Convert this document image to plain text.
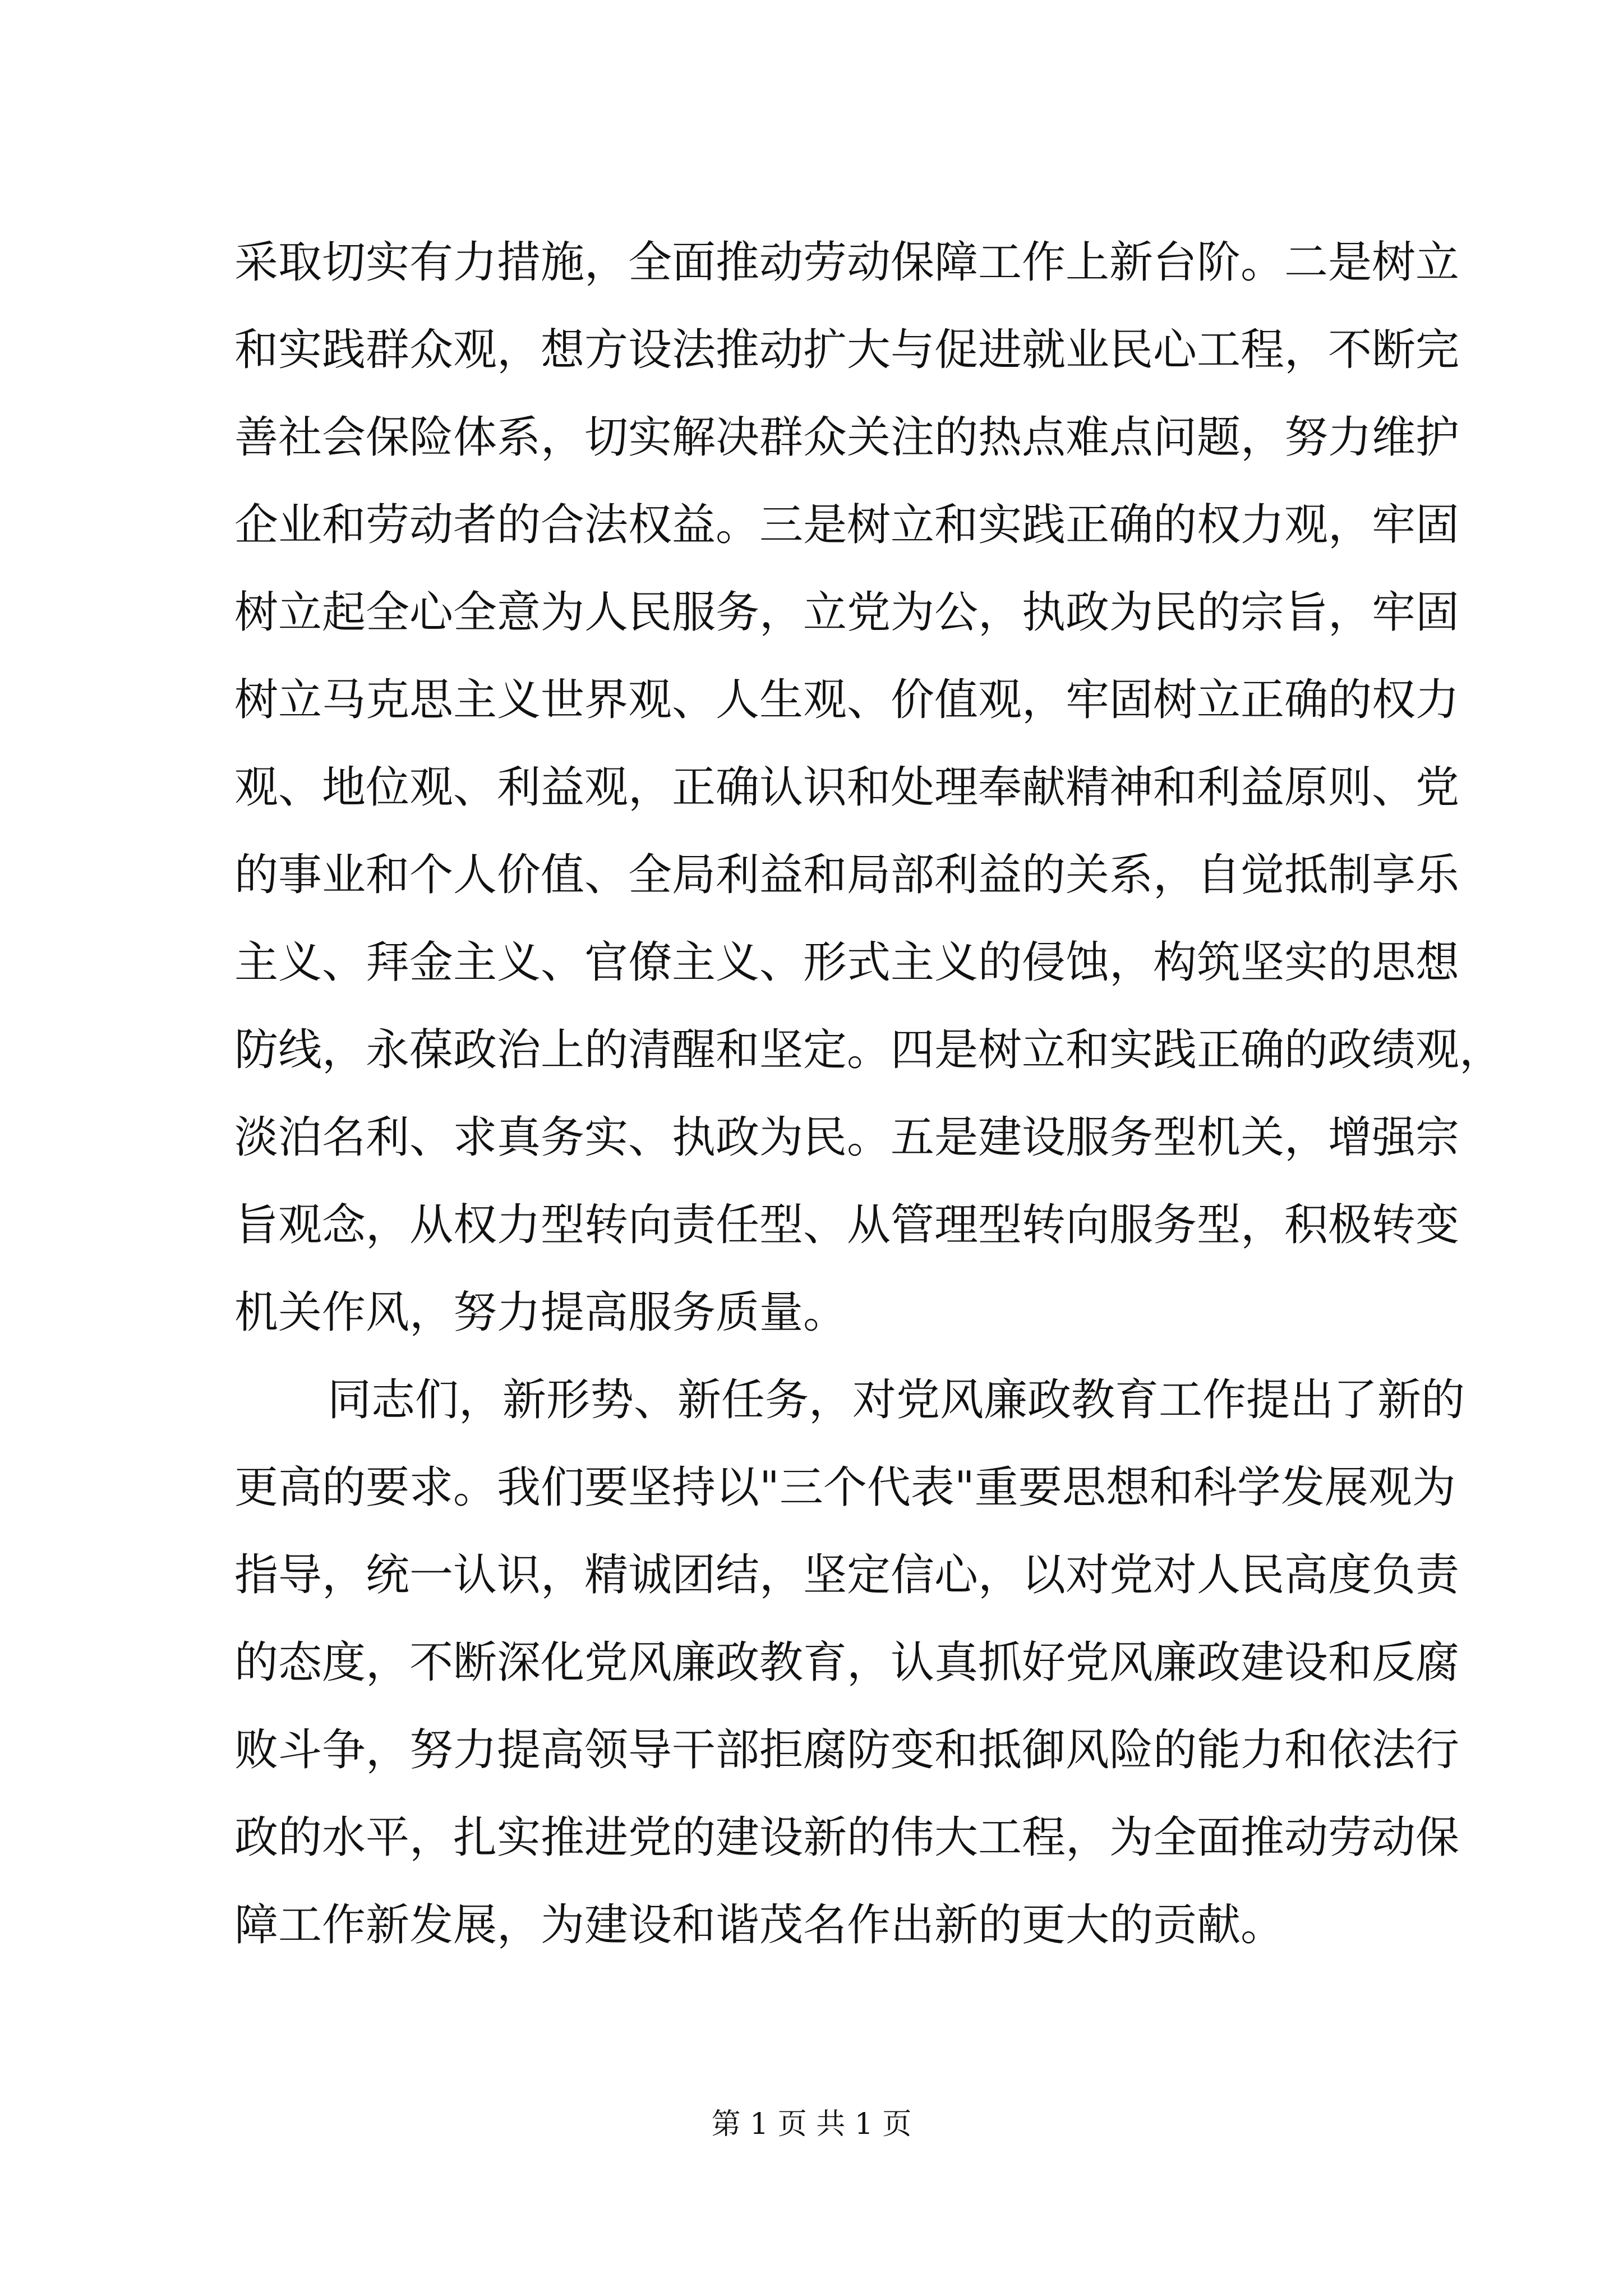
采取切实有力措施，全面推动劳动保障工作上新台阶。二是树立
和实践群众观，想方设法推动扩大与促进就业民心工程，不断完
善社会保险体系，切实解决群众关注的热点难点问题，努力维护
企业和劳动者的合法权益。三是树立和实践正确的权力观，牢固
树立起全心全意为人民服务，立党为公，执政为民的宗旨，牢固
树立马克思主义世界观、人生观、价值观，牢固树立正确的权力
观、地位观、利益观，正确认识和处理奉献精神和利益原则、党
的事业和个人价值、全局利益和局部利益的关系，自觉抵制享乐
主义、拜金主义、官僚主义、形式主义的侵蚀，构筑坚实的思想
防线，永葆政治上的清醒和坚定。四是树立和实践正确的政绩观，
淡泊名利、求真务实、执政为民。五是建设服务型机关，增强宗
旨观念，从权力型转向责任型、从管理型转向服务型，积极转变
机关作风，努力提高服务质量。
同志们，新形势、新任务，对党风廉政教育工作提出了新的
更高的要求。我们要坚持以"三个代表"重要思想和科学发展观为
指导，统一认识，精诚团结，坚定信心，以对党对人民高度负责
的态度，不断深化党风廉政教育，认真抓好党风廉政建设和反腐
败斗争，努力提高领导干部拒腐防变和抵御风险的能力和依法行
政的水平，扎实推进党的建设新的伟大工程，为全面推动劳动保
障工作新发展，为建设和谐茂名作出新的更大的贡献。
第 1 页 共 1 页
